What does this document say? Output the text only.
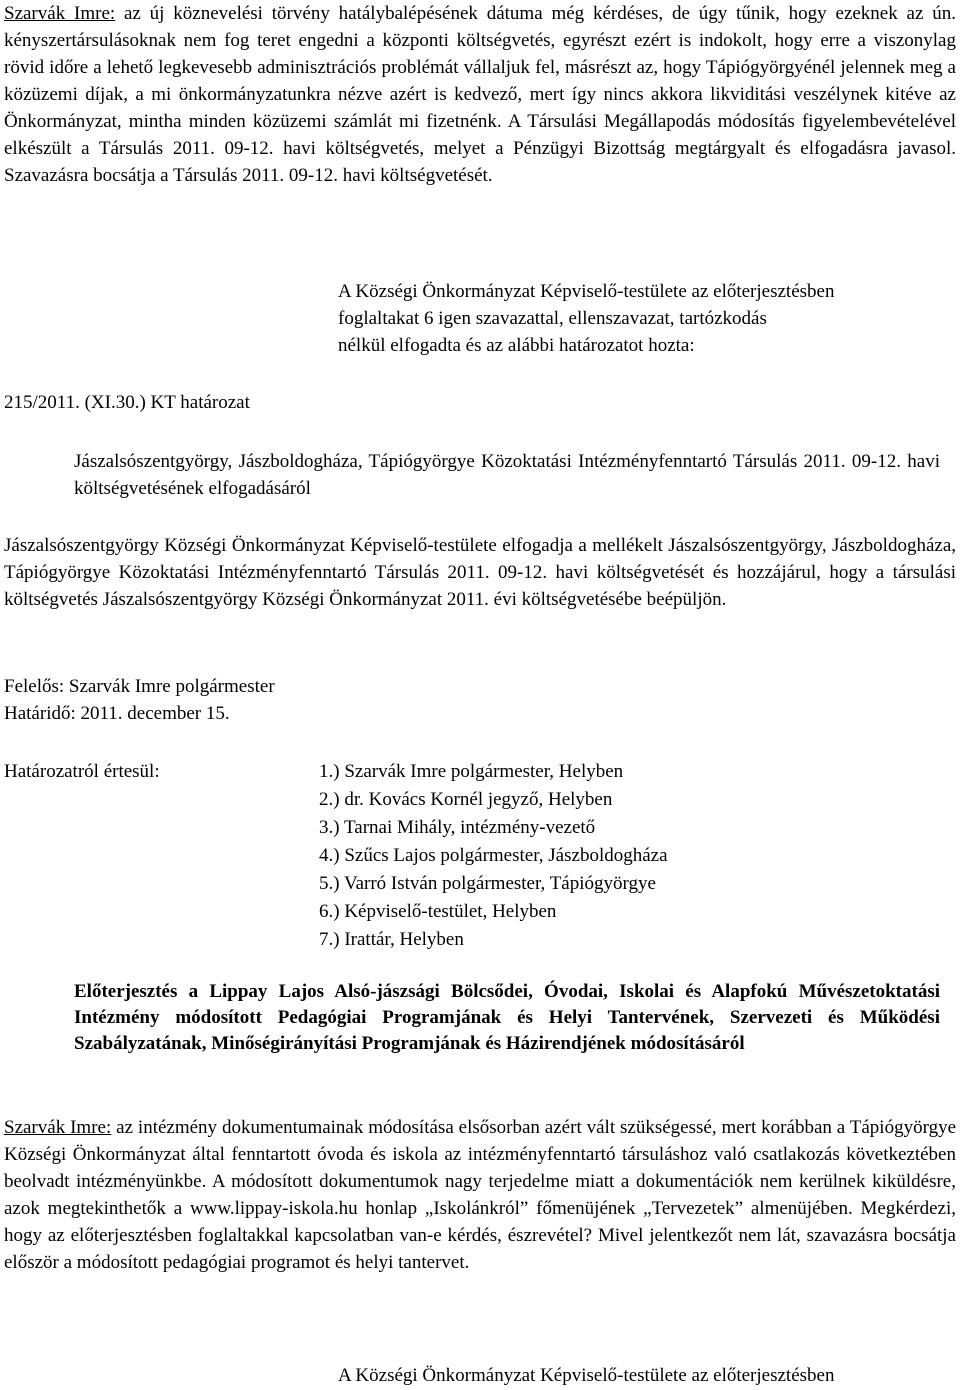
Szarvák Imre: az új köznevelési törvény hatálybalépésének dátuma még kérdéses, de úgy tűnik, hogy ezeknek az ún. kényszertársulásoknak nem fog teret engedni a központi költségvetés, egyrészt ezért is indokolt, hogy erre a viszonylag rövid időre a lehető legkevesebb adminisztrációs problémát vállaljuk fel, másrészt az, hogy Tápiógyörgyénél jelennek meg a közüzemi díjak, a mi önkormányzatunkra nézve azért is kedvező, mert így nincs akkora likviditási veszélynek kitéve az Önkormányzat, mintha minden közüzemi számlát mi fizetnénk. A Társulási Megállapodás módosítás figyelembevételével elkészült a Társulás 2011. 09-12. havi költségvetés, melyet a Pénzügyi Bizottság megtárgyalt és elfogadásra javasol. Szavazásra bocsátja a Társulás 2011. 09-12. havi költségvetését.

A Községi Önkormányzat Képviselő-testülete az előterjesztésben
foglaltakat 6 igen szavazattal, ellenszavazat, tartózkodás
nélkül elfogadta és az alábbi határozatot hozta:
215/2011. (XI.30.) KT határozat

Jászalsószentgyörgy, Jászboldogháza, Tápiógyörgye Közoktatási Intézményfenntartó Társulás 2011. 09-12. havi költségvetésének elfogadásáról

Jászalsószentgyörgy Községi Önkormányzat Képviselő-testülete elfogadja a mellékelt Jászalsószentgyörgy, Jászboldogháza, Tápiógyörgye Közoktatási Intézményfenntartó Társulás 2011. 09-12. havi költségvetését és hozzájárul, hogy a társulási költségvetés Jászalsószentgyörgy Községi Önkormányzat 2011. évi költségvetésébe beépüljön.

Felelős: Szarvák Imre polgármester
Határidő: 2011. december 15.
Határozatról értesül:	1.) Szarvák Imre polgármester, Helyben
2.) dr. Kovács Kornél jegyző, Helyben
3.) Tarnai Mihály, intézmény-vezető
4.) Szűcs Lajos polgármester, Jászboldogháza
5.) Varró István polgármester, Tápiógyörgye
6.) Képviselő-testület, Helyben
7.) Irattár, Helyben

Előterjesztés a Lippay Lajos Alsó-jászsági Bölcsődei, Óvodai, Iskolai és Alapfokú Művészetoktatási Intézmény módosított Pedagógiai Programjának és Helyi Tantervének, Szervezeti és Működési Szabályzatának, Minőségirányítási Programjának és Házirendjének módosításáról

Szarvák Imre: az intézmény dokumentumainak módosítása elsősorban azért vált szükségessé, mert korábban a Tápiógyörgye Községi Önkormányzat által fenntartott óvoda és iskola az intézményfenntartó társuláshoz való csatlakozás következtében beolvadt intézményünkbe. A módosított dokumentumok nagy terjedelme miatt a dokumentációk nem kerülnek kiküldésre, azok megtekinthetők a www.lippay-iskola.hu honlap „Iskolánkról” főmenüjének „Tervezetek” almenüjében. Megkérdezi, hogy az előterjesztésben foglaltakkal kapcsolatban van-e kérdés, észrevétel? Mivel jelentkezőt nem lát, szavazásra bocsátja először a módosított pedagógiai programot és helyi tantervet.

A Községi Önkormányzat Képviselő-testülete az előterjesztésben
